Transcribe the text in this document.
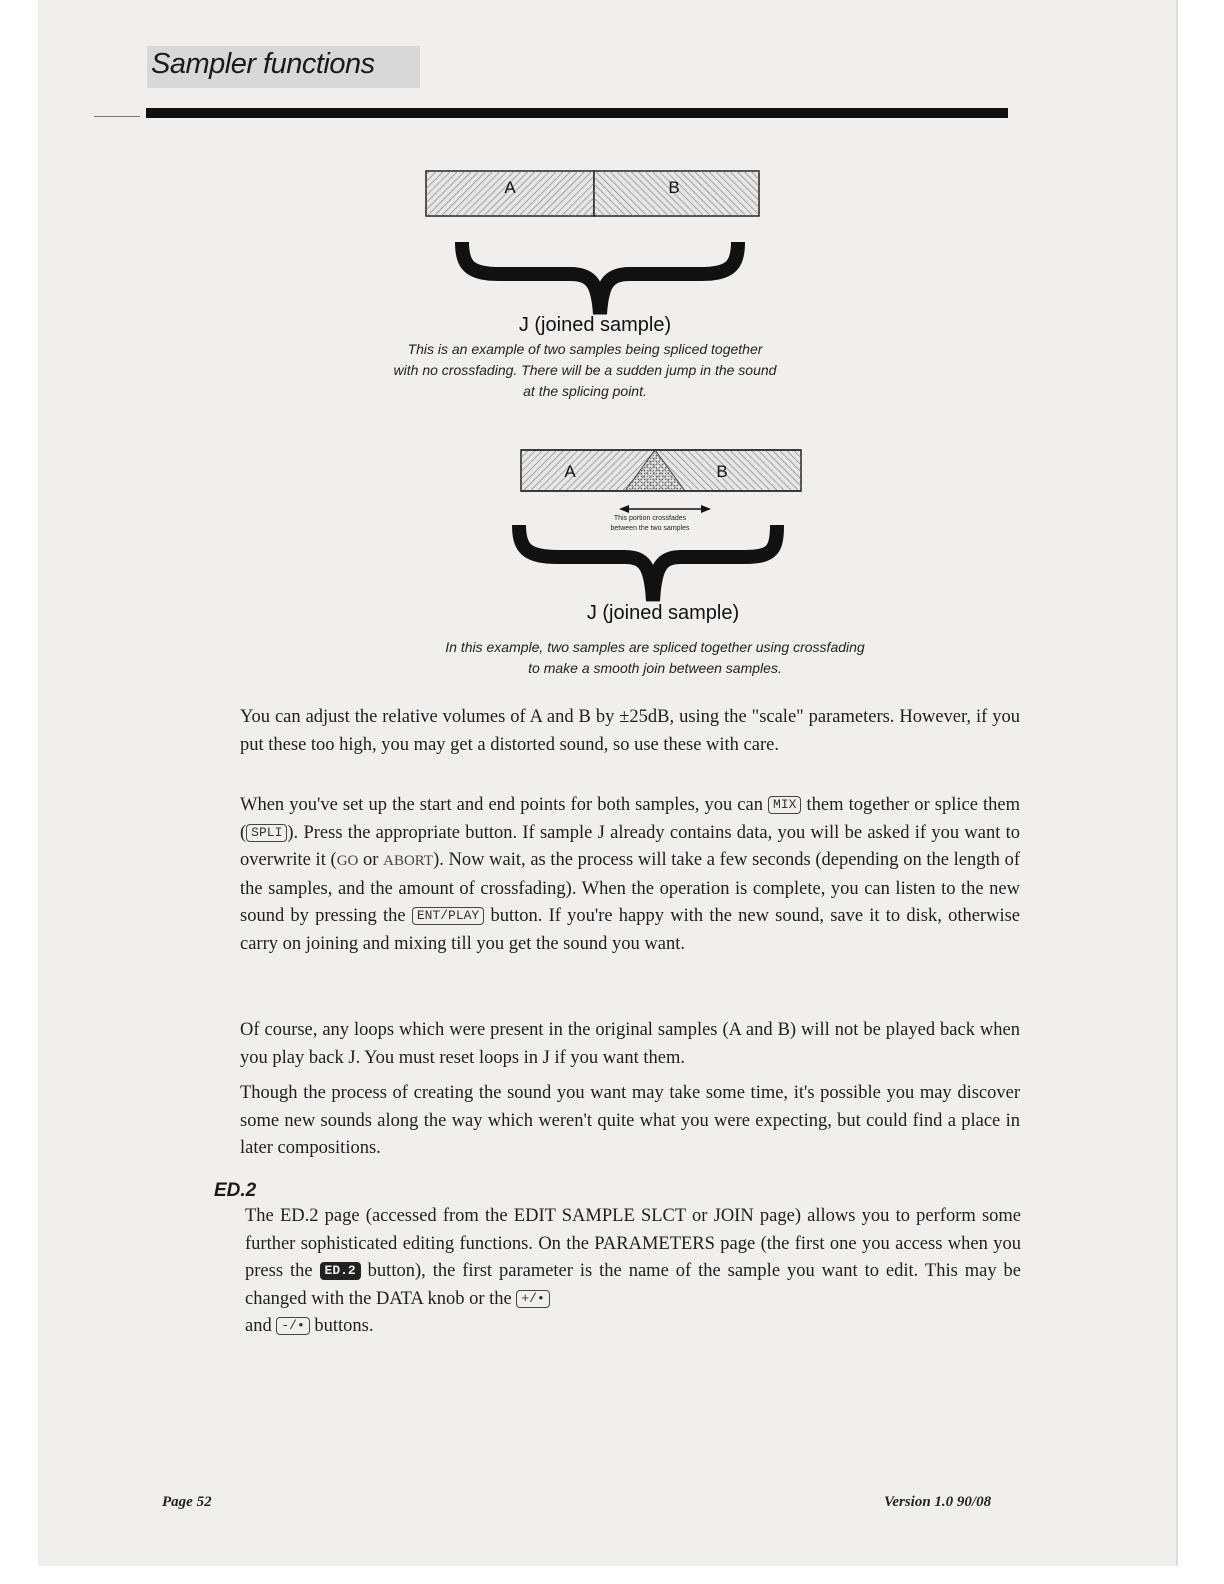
Sampler functions
A	B
J (joined sample)
This is an example of two samples being spliced together
with no crossfading. There will be a sudden jump in the sound
at the splicing point.
A	B
This portion crossfades
between the two samples
J (joined sample)
In this example, two samples are spliced together using crossfading
to make a smooth join between samples.

You can adjust the relative volumes of A and B by ±25dB, using the "scale" parameters. However, if you put these too high, you may get a distorted sound, so use these with care.

When you've set up the start and end points for both samples, you can MIX them together or splice them ( SPLI ). Press the appropriate button. If sample J already contains data, you will be asked if you want to overwrite it (GO or ABORT). Now wait, as the process will take a few seconds (depending on the length of the samples, and the amount of crossfading). When the operation is complete, you can listen to the new sound by pressing the ENT/PLAY button. If you're happy with the new sound, save it to disk, otherwise carry on joining and mixing till you get the sound you want.

Of course, any loops which were present in the original samples (A and B) will not be played back when you play back J. You must reset loops in J if you want them.

Though the process of creating the sound you want may take some time, it's possible you may discover some new sounds along the way which weren't quite what you were expecting, but could find a place in later compositions.

ED.2

The ED.2 page (accessed from the EDIT SAMPLE SLCT or JOIN page) allows you to perform some further sophisticated editing functions. On the PARAMETERS page (the first one you access when you press the ED.2 button), the first parameter is the name of the sample you want to edit. This may be changed with the DATA knob or the +/•
and -/• buttons.

Page 52	Version 1.0 90/08
